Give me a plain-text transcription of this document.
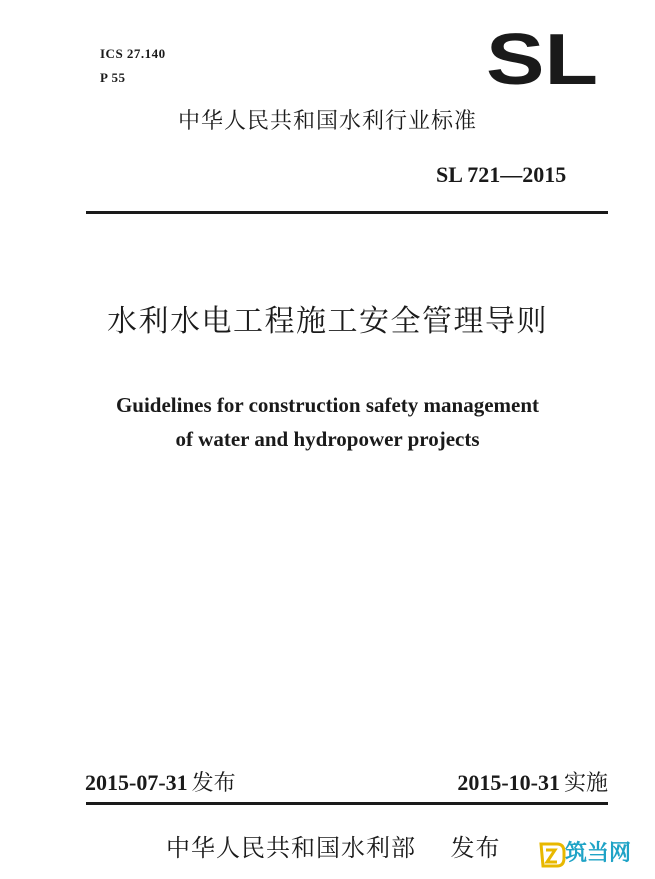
ICS 27.140
P 55	SL
中华人民共和国水利行业标准
SL 721—2015
水利水电工程施工安全管理导则
Guidelines for construction safety management
of water and hydropower projects
2015-07-31 发布	2015-10-31 实施
中华人民共和国水利部    发布	筑当网
